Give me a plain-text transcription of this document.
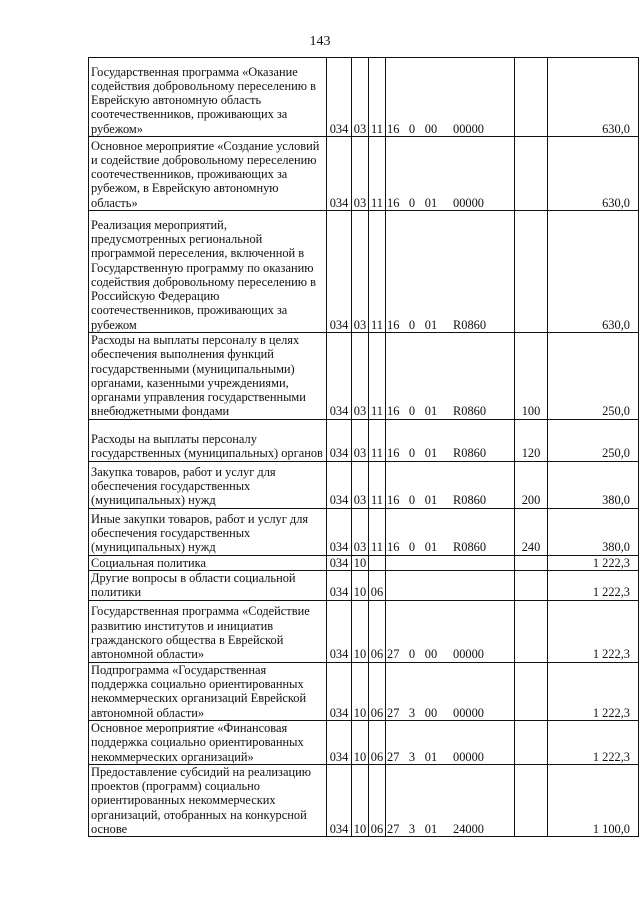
143
Государственная программа «Оказание содействия добровольному переселению в Еврейскую автономную область соотечественников, проживающих за рубежом»	034	03	11	16 0 00 00000		630,0
Основное мероприятие «Создание условий и содействие добровольному переселению соотечественников, проживающих за рубежом, в Еврейскую автономную область»	034	03	11	16 0 01 00000		630,0
Реализация мероприятий, предусмотренных региональной программой переселения, включенной в Государственную программу по оказанию содействия добровольному переселению в Российскую Федерацию соотечественников, проживающих за рубежом	034	03	11	16 0 01 R0860		630,0
Расходы на выплаты персоналу в целях обеспечения выполнения функций государственными (муниципальными) органами, казенными учреждениями, органами управления государственными внебюджетными фондами	034	03	11	16 0 01 R0860	100	250,0
Расходы на выплаты персоналу государственных (муниципальных) органов	034	03	11	16 0 01 R0860	120	250,0
Закупка товаров, работ и услуг для обеспечения государственных (муниципальных) нужд	034	03	11	16 0 01 R0860	200	380,0
Иные закупки товаров, работ и услуг для обеспечения государственных (муниципальных) нужд	034	03	11	16 0 01 R0860	240	380,0
Социальная политика	034	10				1 222,3
Другие вопросы в области социальной политики	034	10	06			1 222,3
Государственная программа «Содействие развитию институтов и инициатив гражданского общества в Еврейской автономной области»	034	10	06	27 0 00 00000		1 222,3
Подпрограмма «Государственная поддержка социально ориентированных некоммерческих организаций Еврейской автономной области»	034	10	06	27 3 00 00000		1 222,3
Основное мероприятие «Финансовая поддержка социально ориентированных некоммерческих организаций»	034	10	06	27 3 01 00000		1 222,3
Предоставление субсидий на реализацию проектов (программ) социально ориентированных некоммерческих организаций, отобранных на конкурсной основе	034	10	06	27 3 01 24000		1 100,0
